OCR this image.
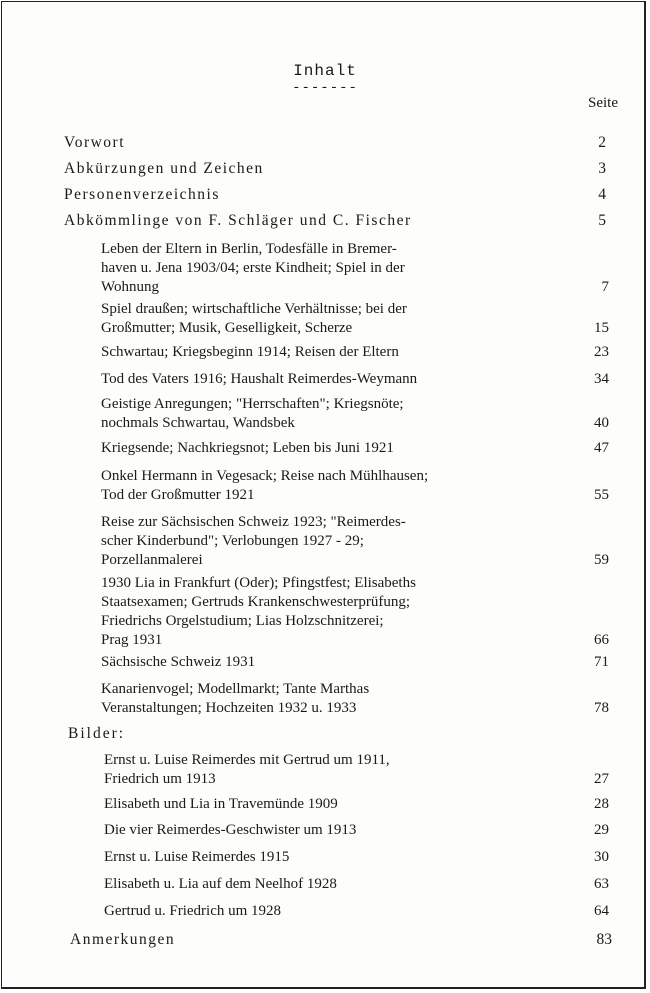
Inhalt
-------
Seite
Vorwort	2
Abkürzungen und Zeichen	3
Personenverzeichnis	4
Abkömmlinge von F. Schläger und C. Fischer	5
Leben der Eltern in Berlin, Todesfälle in Bremer-
haven u. Jena 1903/04; erste Kindheit; Spiel in der
Wohnung	7
Spiel draußen; wirtschaftliche Verhältnisse; bei der
Großmutter; Musik, Geselligkeit, Scherze	15
Schwartau; Kriegsbeginn 1914; Reisen der Eltern	23
Tod des Vaters 1916; Haushalt Reimerdes-Weymann	34
Geistige Anregungen; "Herrschaften"; Kriegsnöte;
nochmals Schwartau, Wandsbek	40
Kriegsende; Nachkriegsnot; Leben bis Juni 1921	47
Onkel Hermann in Vegesack; Reise nach Mühlhausen;
Tod der Großmutter 1921	55
Reise zur Sächsischen Schweiz 1923; "Reimerdes-
scher Kinderbund"; Verlobungen 1927 - 29;
Porzellanmalerei	59
1930 Lia in Frankfurt (Oder); Pfingstfest; Elisabeths
Staatsexamen; Gertruds Krankenschwesterprüfung;
Friedrichs Orgelstudium; Lias Holzschnitzerei;
Prag 1931	66
Sächsische Schweiz 1931	71
Kanarienvogel; Modellmarkt; Tante Marthas
Veranstaltungen; Hochzeiten 1932 u. 1933	78
Bilder:
Ernst u. Luise Reimerdes mit Gertrud um 1911,
Friedrich um 1913	27
Elisabeth und Lia in Travemünde 1909	28
Die vier Reimerdes-Geschwister um 1913	29
Ernst u. Luise Reimerdes 1915	30
Elisabeth u. Lia auf dem Neelhof 1928	63
Gertrud u. Friedrich um 1928	64
Anmerkungen	83
